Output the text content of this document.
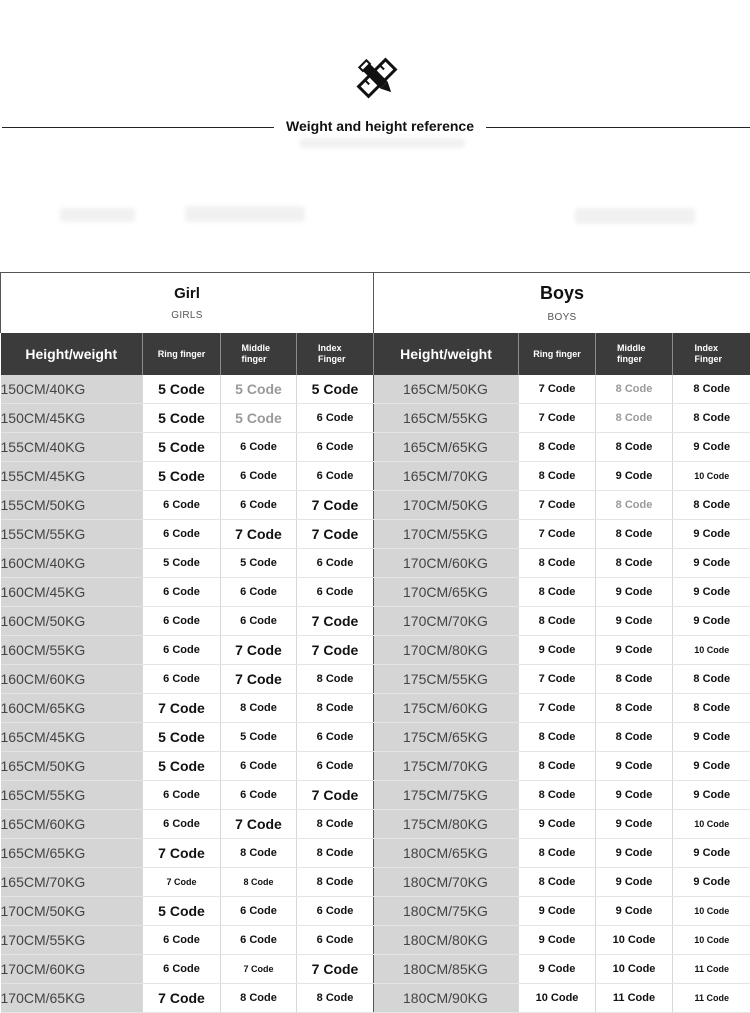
Weight and height reference
Girl
GIRLS				Boys
BOYS			

Height/weight	Ring finger	Middle finger	Index Finger	Height/weight	Ring finger	Middle finger	Index Finger

150CM/40KG	5 Code	5 Code	5 Code	165CM/50KG	7 Code	8 Code	8 Code
150CM/45KG	5 Code	5 Code	6 Code	165CM/55KG	7 Code	8 Code	8 Code
155CM/40KG	5 Code	6 Code	6 Code	165CM/65KG	8 Code	8 Code	9 Code
155CM/45KG	5 Code	6 Code	6 Code	165CM/70KG	8 Code	9 Code	10 Code
155CM/50KG	6 Code	6 Code	7 Code	170CM/50KG	7 Code	8 Code	8 Code
155CM/55KG	6 Code	7 Code	7 Code	170CM/55KG	7 Code	8 Code	9 Code
160CM/40KG	5 Code	5 Code	6 Code	170CM/60KG	8 Code	8 Code	9 Code
160CM/45KG	6 Code	6 Code	6 Code	170CM/65KG	8 Code	9 Code	9 Code
160CM/50KG	6 Code	6 Code	7 Code	170CM/70KG	8 Code	9 Code	9 Code
160CM/55KG	6 Code	7 Code	7 Code	170CM/80KG	9 Code	9 Code	10 Code
160CM/60KG	6 Code	7 Code	8 Code	175CM/55KG	7 Code	8 Code	8 Code
160CM/65KG	7 Code	8 Code	8 Code	175CM/60KG	7 Code	8 Code	8 Code
165CM/45KG	5 Code	5 Code	6 Code	175CM/65KG	8 Code	8 Code	9 Code
165CM/50KG	5 Code	6 Code	6 Code	175CM/70KG	8 Code	9 Code	9 Code
165CM/55KG	6 Code	6 Code	7 Code	175CM/75KG	8 Code	9 Code	9 Code
165CM/60KG	6 Code	7 Code	8 Code	175CM/80KG	9 Code	9 Code	10 Code
165CM/65KG	7 Code	8 Code	8 Code	180CM/65KG	8 Code	9 Code	9 Code
165CM/70KG	7 Code	8 Code	8 Code	180CM/70KG	8 Code	9 Code	9 Code
170CM/50KG	5 Code	6 Code	6 Code	180CM/75KG	9 Code	9 Code	10 Code
170CM/55KG	6 Code	6 Code	6 Code	180CM/80KG	9 Code	10 Code	10 Code
170CM/60KG	6 Code	7 Code	7 Code	180CM/85KG	9 Code	10 Code	11 Code
170CM/65KG	7 Code	8 Code	8 Code	180CM/90KG	10 Code	11 Code	11 Code
